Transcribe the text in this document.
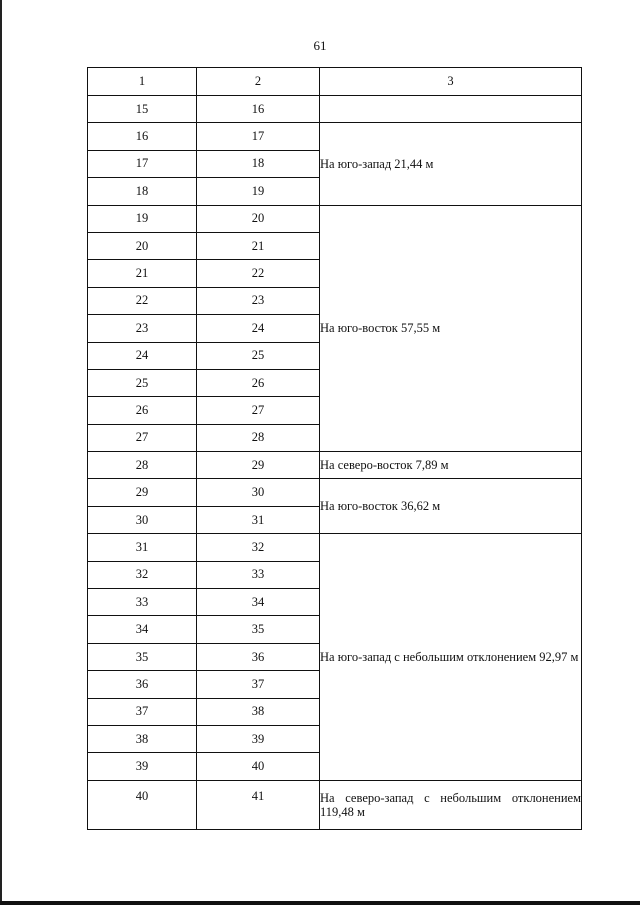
61
1	2	3
15	16	
16	17	На юго-запад 21,44 м
17	18	
18	19	
19	20	На юго-восток 57,55 м
20	21	
21	22	
22	23	
23	24	
24	25	
25	26	
26	27	
27	28	
28	29	На северо-восток 7,89 м
29	30	На юго-восток 36,62 м
30	31	
31	32	На юго-запад с небольшим отклонением 92,97 м
32	33	
33	34	
34	35	
35	36	
36	37	
37	38	
38	39	
39	40	
40	41	На северо-запад с небольшим отклонением 119,48 м
